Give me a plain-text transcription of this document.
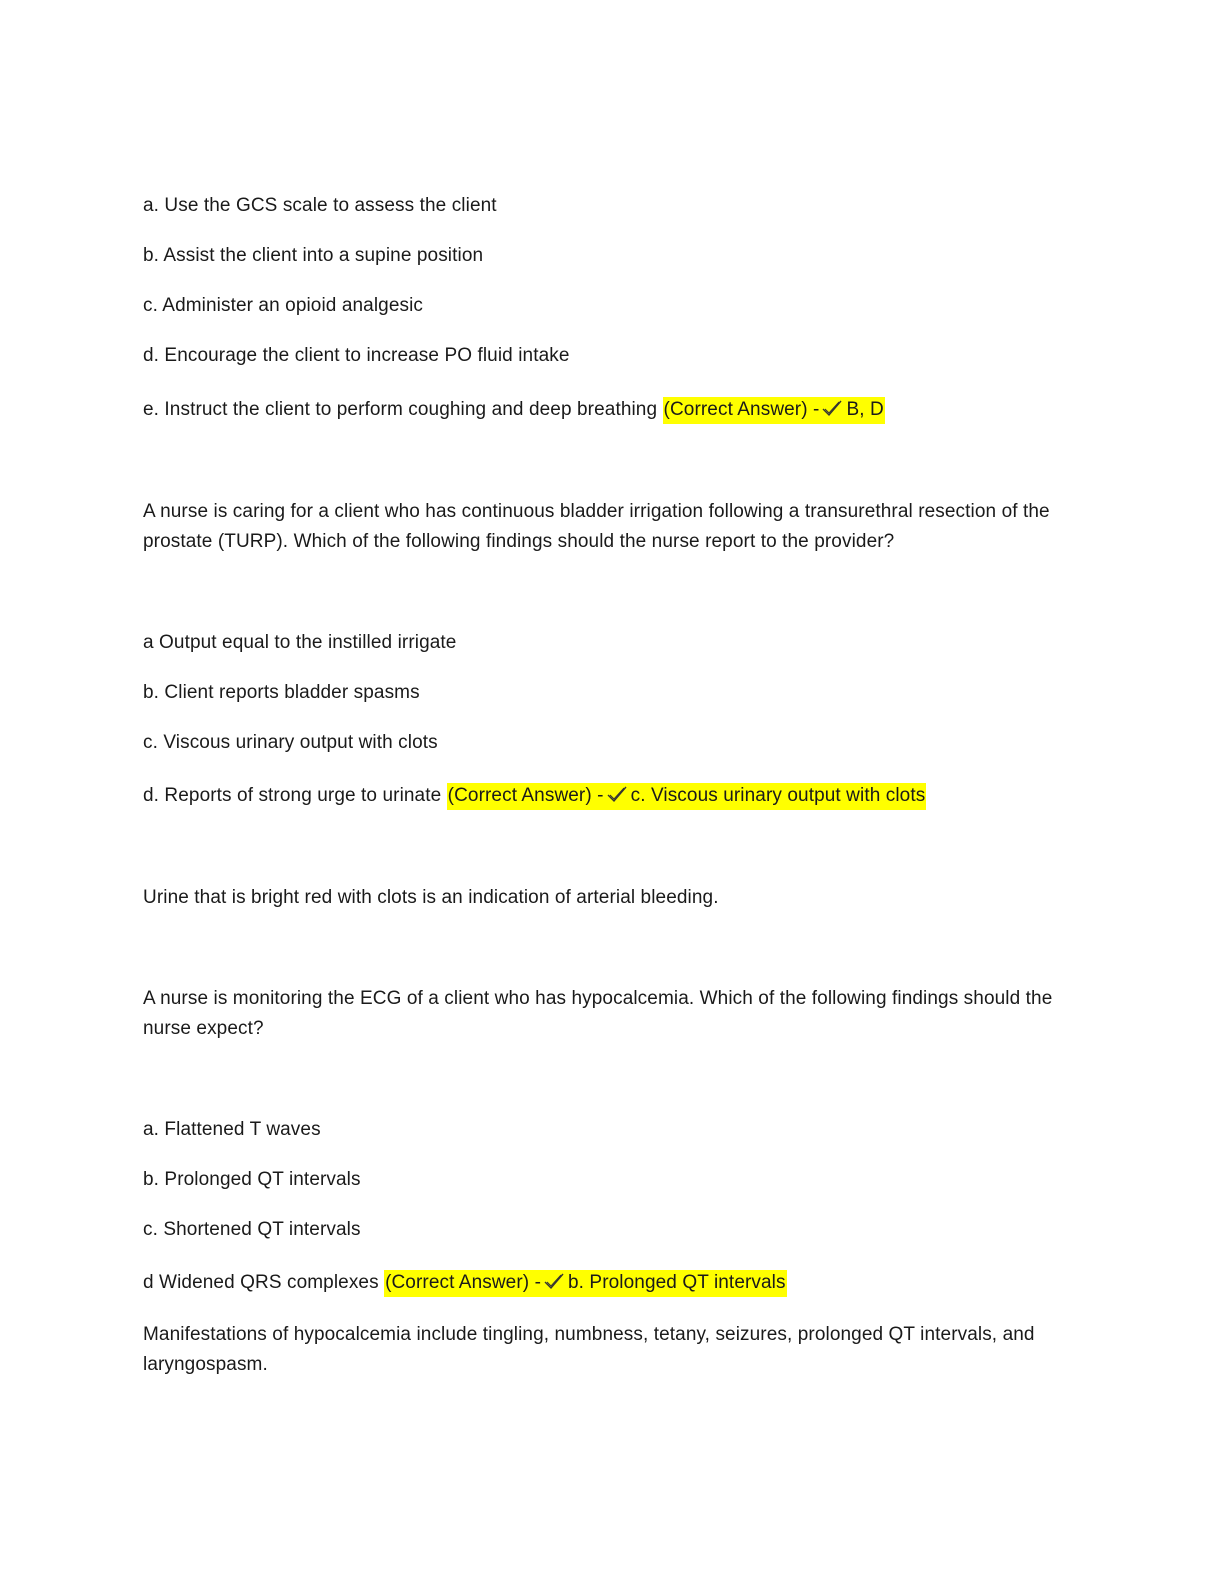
a. Use the GCS scale to assess the client
b. Assist the client into a supine position
c. Administer an opioid analgesic
d. Encourage the client to increase PO fluid intake
e. Instruct the client to perform coughing and deep breathing (Correct Answer) - B, D
A nurse is caring for a client who has continuous bladder irrigation following a transurethral resection of the prostate (TURP). Which of the following findings should the nurse report to the provider?
a Output equal to the instilled irrigate
b. Client reports bladder spasms
c. Viscous urinary output with clots
d. Reports of strong urge to urinate (Correct Answer) - c. Viscous urinary output with clots
Urine that is bright red with clots is an indication of arterial bleeding.
A nurse is monitoring the ECG of a client who has hypocalcemia. Which of the following findings should the nurse expect?
a. Flattened T waves
b. Prolonged QT intervals
c. Shortened QT intervals
d Widened QRS complexes (Correct Answer) - b. Prolonged QT intervals
Manifestations of hypocalcemia include tingling, numbness, tetany, seizures, prolonged QT intervals, and laryngospasm.
